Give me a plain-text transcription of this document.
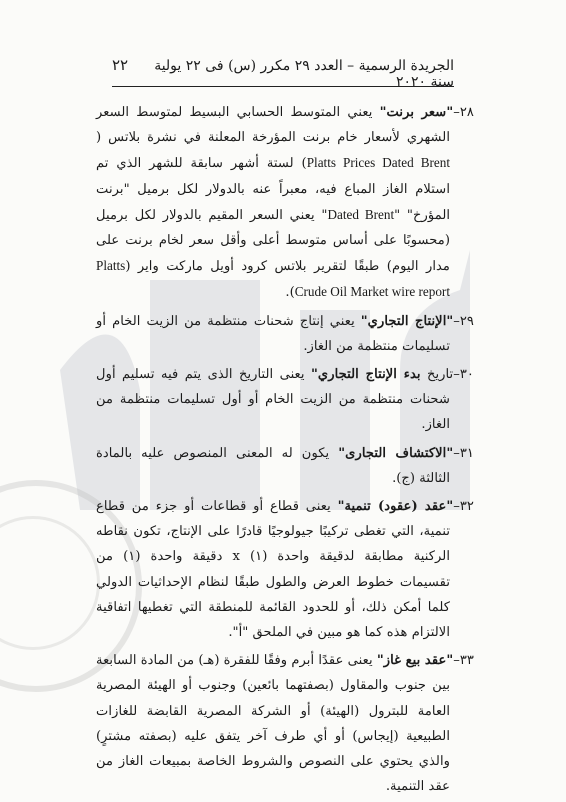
الجريدة الرسمية – العدد ٢٩ مكرر (س) فى ٢٢ يولية سنة ٢٠٢٠
٢٢

٢٨–"سعر برنت" يعني المتوسط الحسابي البسيط لمتوسط السعر الشهري لأسعار خام برنت المؤرخة المعلنة في نشرة بلاتس ( Platts Prices Dated Brent) لستة أشهر سابقة للشهر الذي تم استلام الغاز المباع فيه، معبراً عنه بالدولار لكل برميل "برنت المؤرخ" "Dated Brent" يعني السعر المقيم بالدولار لكل برميل (محسوبًا على أساس متوسط أعلى وأقل سعر لخام برنت على مدار اليوم) طبقًا لتقرير بلاتس كرود أويل ماركت واير (Platts Crude Oil Market wire report).

٢٩–"الإنتاج التجاري" يعني إنتاج شحنات منتظمة من الزيت الخام أو تسليمات منتظمة من الغاز.

٣٠–تاريخ بدء الإنتاج التجاري" يعنى التاريخ الذى يتم فيه تسليم أول شحنات منتظمة من الزيت الخام أو أول تسليمات منتظمة من الغاز.

٣١–"الاكتشاف التجارى" يكون له المعنى المنصوص عليه بالمادة الثالثة (ج).

٣٢–"عقد (عقود) تنمية" يعنى قطاع أو قطاعات أو جزء من قطاع تنمية، التي تغطى تركيبًا جيولوجيًا قادرًا على الإنتاج، تكون نقاطه الركنية مطابقة لدقيقة واحدة (١) x دقيقة واحدة (١) من تقسيمات خطوط العرض والطول طبقًا لنظام الإحداثيات الدولي كلما أمكن ذلك، أو للحدود القائمة للمنطقة التي تغطيها اتفاقية الالتزام هذه كما هو مبين في الملحق "أ".

٣٣–"عقد بيع غاز" يعنى عقدًا أبرم وفقًا للفقرة (هـ) من المادة السابعة بين جنوب والمقاول (بصفتهما بائعين) وجنوب أو الهيئة المصرية العامة للبترول (الهيئة) أو الشركة المصرية القابضة للغازات الطبيعية (إيجاس) أو أي طرف آخر يتفق عليه (بصفته مشترٍ) والذي يحتوي على النصوص والشروط الخاصة بمبيعات الغاز من عقد التنمية.
